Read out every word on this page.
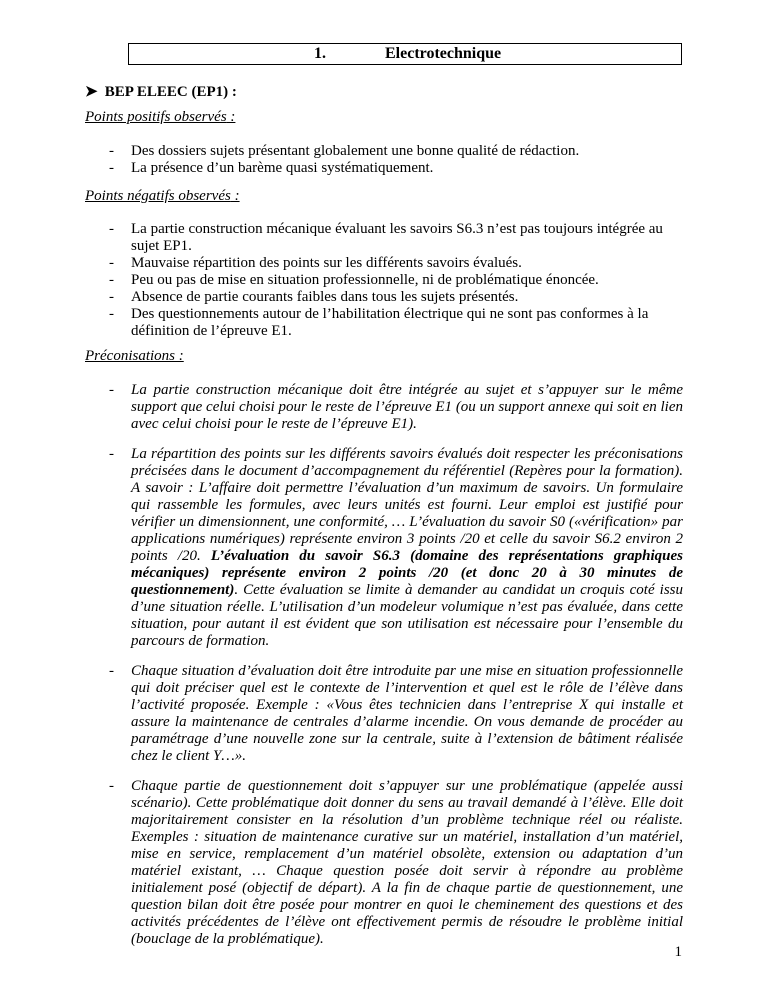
1.	Electrotechnique
➤ BEP ELEEC (EP1) :
Points positifs observés :
- Des dossiers sujets présentant globalement une bonne qualité de rédaction.
- La présence d’un barème quasi systématiquement.
Points négatifs observés :
- La partie construction mécanique évaluant les savoirs S6.3 n’est pas toujours intégrée au sujet EP1.
- Mauvaise répartition des points sur les différents savoirs évalués.
- Peu ou pas de mise en situation professionnelle, ni de problématique énoncée.
- Absence de partie courants faibles dans tous les sujets présentés.
- Des questionnements autour de l’habilitation électrique qui ne sont pas conformes à la définition de l’épreuve E1.
Préconisations :
- La partie construction mécanique doit être intégrée au sujet et s’appuyer sur le même support que celui choisi pour le reste de l’épreuve E1 (ou un support annexe qui soit en lien avec celui choisi pour le reste de l’épreuve E1).
- La répartition des points sur les différents savoirs évalués doit respecter les préconisations précisées dans le document d’accompagnement du référentiel (Repères pour la formation). A savoir : L’affaire doit permettre l’évaluation d’un maximum de savoirs. Un formulaire qui rassemble les formules, avec leurs unités est fourni. Leur emploi est justifié pour vérifier un dimensionnent, une conformité, … L’évaluation du savoir S0 («vérification» par applications numériques) représente environ 3 points /20 et celle du savoir S6.2 environ 2 points /20. L’évaluation du savoir S6.3 (domaine des représentations graphiques mécaniques) représente environ 2 points /20 (et donc 20 à 30 minutes de questionnement). Cette évaluation se limite à demander au candidat un croquis coté issu d’une situation réelle. L’utilisation d’un modeleur volumique n’est pas évaluée, dans cette situation, pour autant il est évident que son utilisation est nécessaire pour l’ensemble du parcours de formation.
- Chaque situation d’évaluation doit être introduite par une mise en situation professionnelle qui doit préciser quel est le contexte de l’intervention et quel est le rôle de l’élève dans l’activité proposée. Exemple : «Vous êtes technicien dans l’entreprise X qui installe et assure la maintenance de centrales d’alarme incendie. On vous demande de procéder au paramétrage d’une nouvelle zone sur la centrale, suite à l’extension de bâtiment réalisée chez le client Y…».
- Chaque partie de questionnement doit s’appuyer sur une problématique (appelée aussi scénario). Cette problématique doit donner du sens au travail demandé à l’élève. Elle doit majoritairement consister en la résolution d’un problème technique réel ou réaliste. Exemples : situation de maintenance curative sur un matériel, installation d’un matériel, mise en service, remplacement d’un matériel obsolète, extension ou adaptation d’un matériel existant, … Chaque question posée doit servir à répondre au problème initialement posé (objectif de départ). A la fin de chaque partie de questionnement, une question bilan doit être posée pour montrer en quoi le cheminement des questions et des activités précédentes de l’élève ont effectivement permis de résoudre le problème initial (bouclage de la problématique).
1
